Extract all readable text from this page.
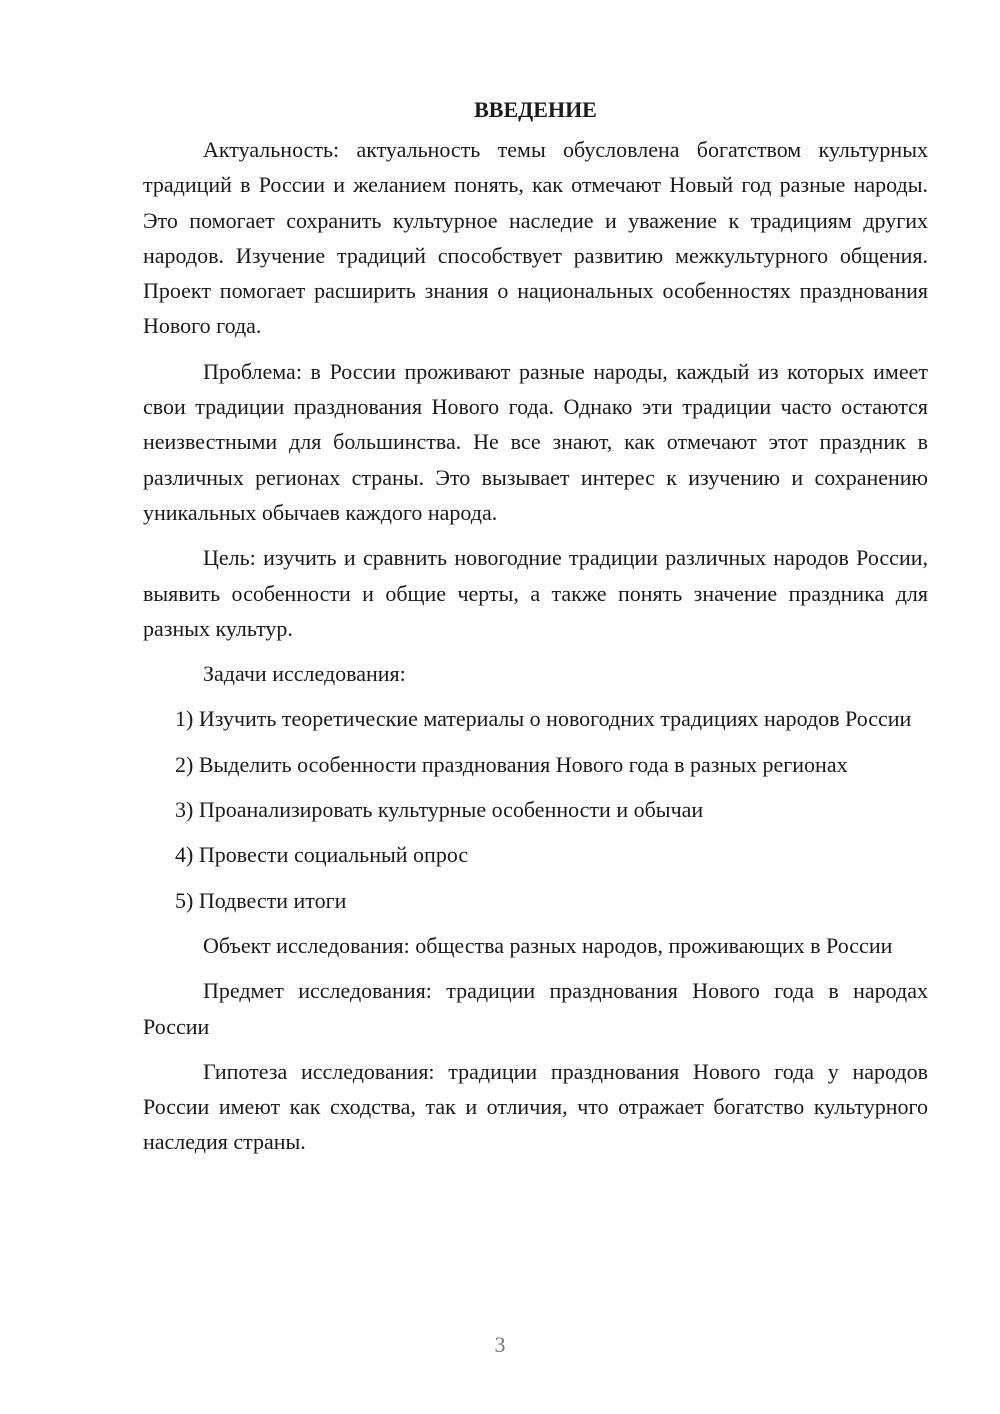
ВВЕДЕНИЕ

Актуальность: актуальность темы обусловлена богатством культурных традиций в России и желанием понять, как отмечают Новый год разные народы. Это помогает сохранить культурное наследие и уважение к традициям других народов. Изучение традиций способствует развитию межкультурного общения. Проект помогает расширить знания о национальных особенностях празднования Нового года.

Проблема: в России проживают разные народы, каждый из которых имеет свои традиции празднования Нового года. Однако эти традиции часто остаются неизвестными для большинства. Не все знают, как отмечают этот праздник в различных регионах страны. Это вызывает интерес к изучению и сохранению уникальных обычаев каждого народа.

Цель: изучить и сравнить новогодние традиции различных народов России, выявить особенности и общие черты, а также понять значение праздника для разных культур.

Задачи исследования:

1) Изучить теоретические материалы о новогодних традициях народов России

2) Выделить особенности празднования Нового года в разных регионах

3) Проанализировать культурные особенности и обычаи

4) Провести социальный опрос

5) Подвести итоги

Объект исследования: общества разных народов, проживающих в России

Предмет исследования: традиции празднования Нового года в народах России

Гипотеза исследования: традиции празднования Нового года у народов России имеют как сходства, так и отличия, что отражает богатство культурного наследия страны.

3
